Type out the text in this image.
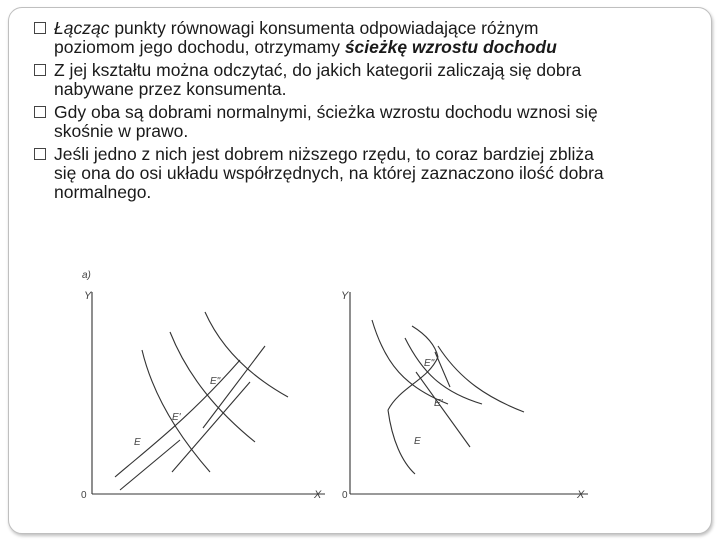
Łącząc punkty równowagi konsumenta odpowiadające różnym poziomom jego dochodu, otrzymamy ścieżkę wzrostu dochodu
Z jej kształtu można odczytać, do jakich kategorii zaliczają się dobra nabywane przez konsumenta.
Gdy oba są dobrami normalnymi, ścieżka wzrostu dochodu wznosi się skośnie w prawo.
Jeśli jedno z nich jest dobrem niższego rzędu, to coraz bardziej zbliża się ona do osi układu współrzędnych, na której zaznaczono ilość dobra normalnego.
a)
Y
X
0
E
E'
E"
Y
X
0
E
E'
E"
